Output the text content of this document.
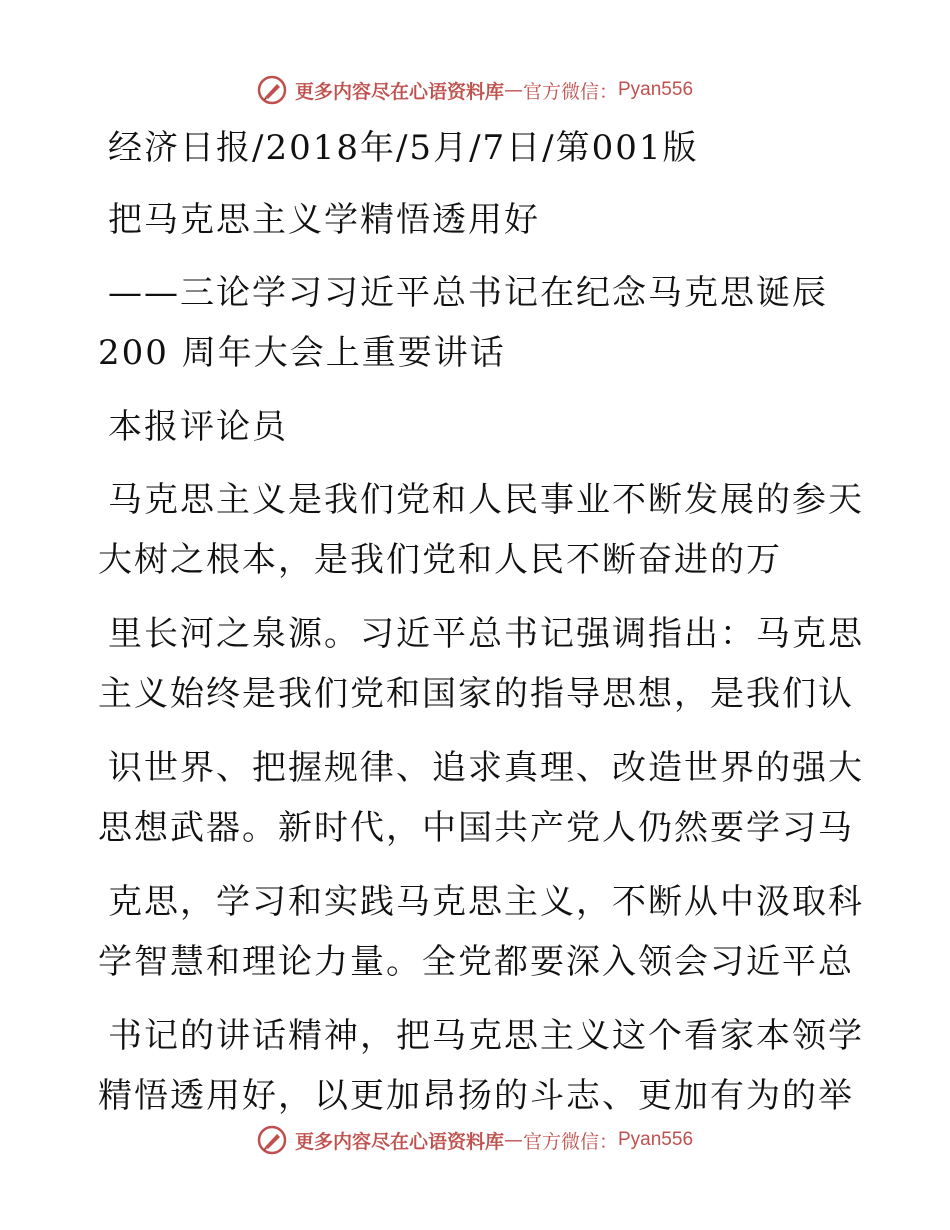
更多内容尽在心语资料库 — 官方微信： Pyan556
经济日报/2018年/5月/7日/第001版
把马克思主义学精悟透用好
——三论学习习近平总书记在纪念马克思诞辰
200 周年大会上重要讲话
本报评论员
马克思主义是我们党和人民事业不断发展的参天
大树之根本，是我们党和人民不断奋进的万
里长河之泉源。习近平总书记强调指出：马克思
主义始终是我们党和国家的指导思想，是我们认
识世界、把握规律、追求真理、改造世界的强大
思想武器。新时代，中国共产党人仍然要学习马
克思，学习和实践马克思主义，不断从中汲取科
学智慧和理论力量。全党都要深入领会习近平总
书记的讲话精神，把马克思主义这个看家本领学
精悟透用好，以更加昂扬的斗志、更加有为的举
更多内容尽在心语资料库 — 官方微信： Pyan556
